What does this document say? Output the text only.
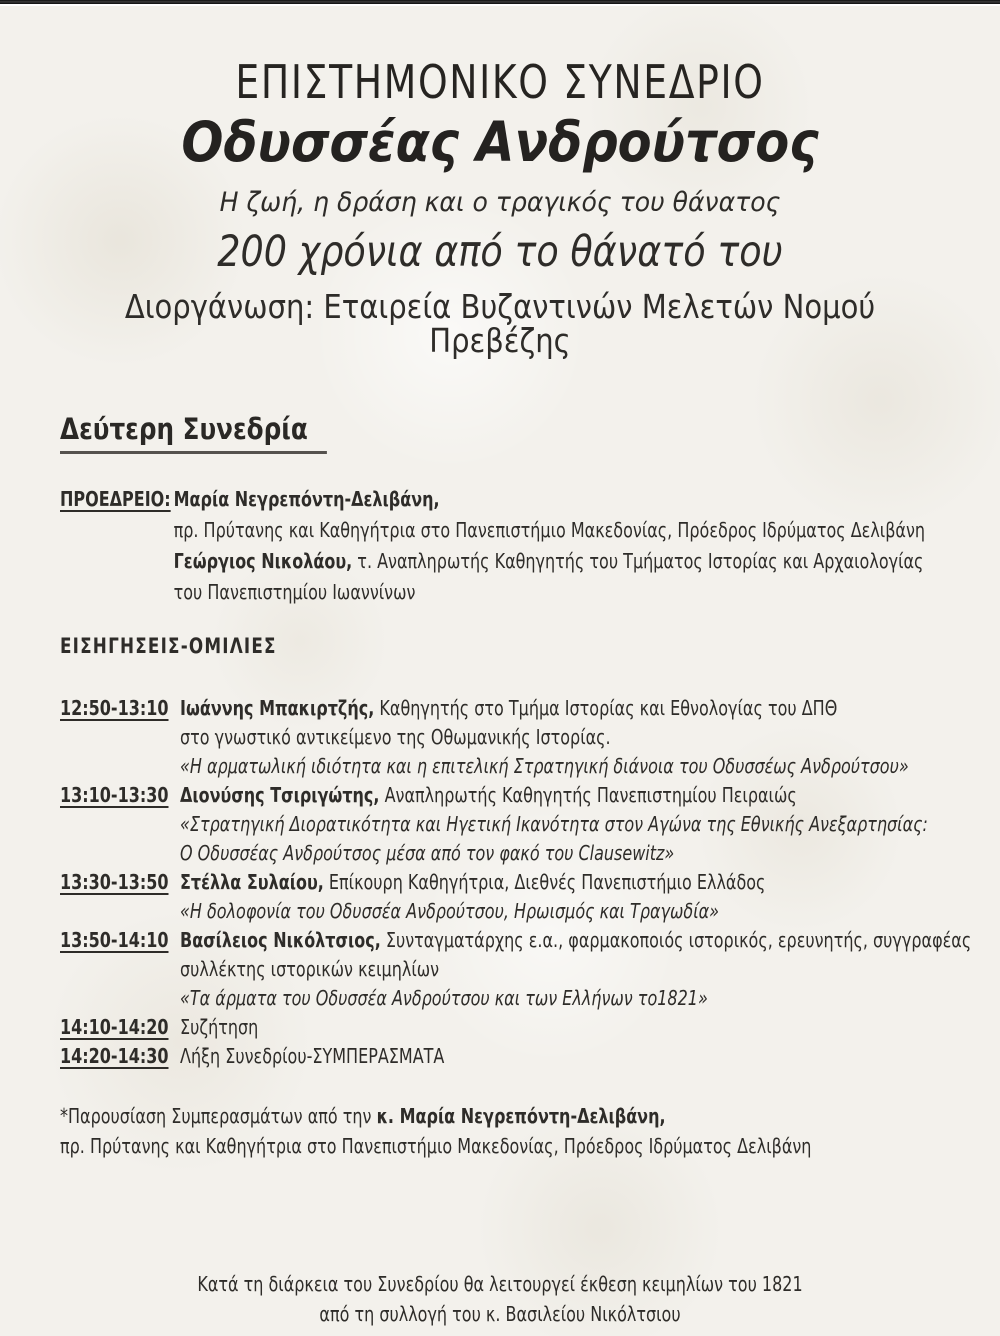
ΕΠΙΣΤΗΜΟΝΙΚΟ ΣΥΝΕΔΡΙΟ
Οδυσσέας Ανδρούτσος
Η ζωή, η δράση και ο τραγικός του θάνατος
200 χρόνια από το θάνατό του
Διοργάνωση: Εταιρεία Βυζαντινών Μελετών Νομού Πρεβέζης
Δεύτερη Συνεδρία
ΠΡΟΕΔΡΕΙΟ: Μαρία Νεγρεπόντη-Δελιβάνη,
πρ. Πρύτανης και Καθηγήτρια στο Πανεπιστήμιο Μακεδονίας, Πρόεδρος Ιδρύματος Δελιβάνη
Γεώργιος Νικολάου, τ. Αναπληρωτής Καθηγητής του Τμήματος Ιστορίας και Αρχαιολογίας
του Πανεπιστημίου Ιωαννίνων
ΕΙΣΗΓΗΣΕΙΣ-ΟΜΙΛΙΕΣ
12:50-13:10 Ιωάννης Μπακιρτζής, Καθηγητής στο Τμήμα Ιστορίας και Εθνολογίας του ΔΠΘ
στο γνωστικό αντικείμενο της Οθωμανικής Ιστορίας.
«Η αρματωλική ιδιότητα και η επιτελική Στρατηγική διάνοια του Οδυσσέως Ανδρούτσου»
13:10-13:30 Διονύσης Τσιριγώτης, Αναπληρωτής Καθηγητής Πανεπιστημίου Πειραιώς
«Στρατηγική Διορατικότητα και Ηγετική Ικανότητα στον Αγώνα της Εθνικής Ανεξαρτησίας:
Ο Οδυσσέας Ανδρούτσος μέσα από τον φακό του Clausewitz»
13:30-13:50 Στέλλα Συλαίου, Επίκουρη Καθηγήτρια, Διεθνές Πανεπιστήμιο Ελλάδος
«Η δολοφονία του Οδυσσέα Ανδρούτσου, Ηρωισμός και Τραγωδία»
13:50-14:10 Βασίλειος Νικόλτσιος, Συνταγματάρχης ε.α., φαρμακοποιός ιστορικός, ερευνητής, συγγραφέας
συλλέκτης ιστορικών κειμηλίων
«Τα άρματα του Οδυσσέα Ανδρούτσου και των Ελλήνων το1821»
14:10-14:20 Συζήτηση
14:20-14:30 Λήξη Συνεδρίου-ΣΥΜΠΕΡΑΣΜΑΤΑ
*Παρουσίαση Συμπερασμάτων από την κ. Μαρία Νεγρεπόντη-Δελιβάνη,
πρ. Πρύτανης και Καθηγήτρια στο Πανεπιστήμιο Μακεδονίας, Πρόεδρος Ιδρύματος Δελιβάνη
Κατά τη διάρκεια του Συνεδρίου θα λειτουργεί έκθεση κειμηλίων του 1821
από τη συλλογή του κ. Βασιλείου Νικόλτσιου
